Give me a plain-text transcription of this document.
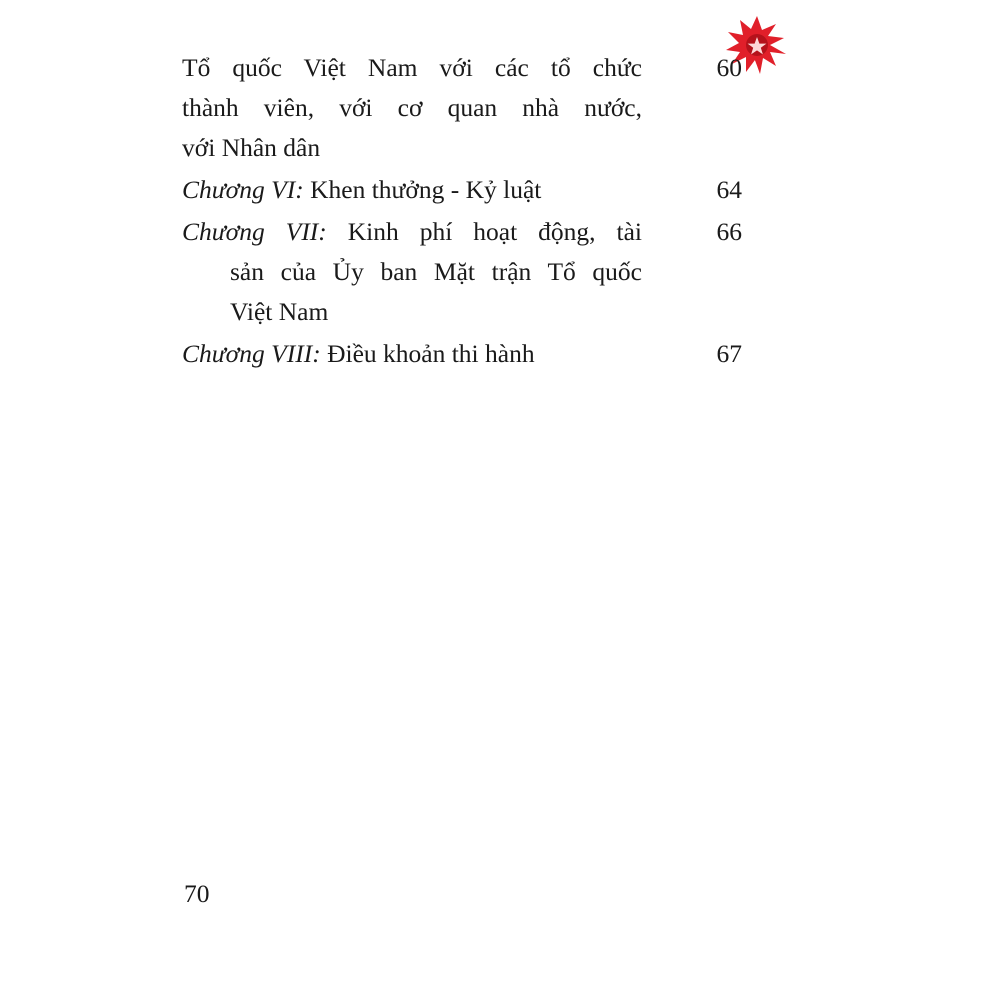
Tổ quốc Việt Nam với các tổ chức
thành viên, với cơ quan nhà nước,
với Nhân dân
60
Chương VI: Khen thưởng - Kỷ luật	64
Chương VII: Kinh phí hoạt động, tài
sản của Ủy ban Mặt trận Tổ quốc
Việt Nam
66
Chương VIII: Điều khoản thi hành	67
70
